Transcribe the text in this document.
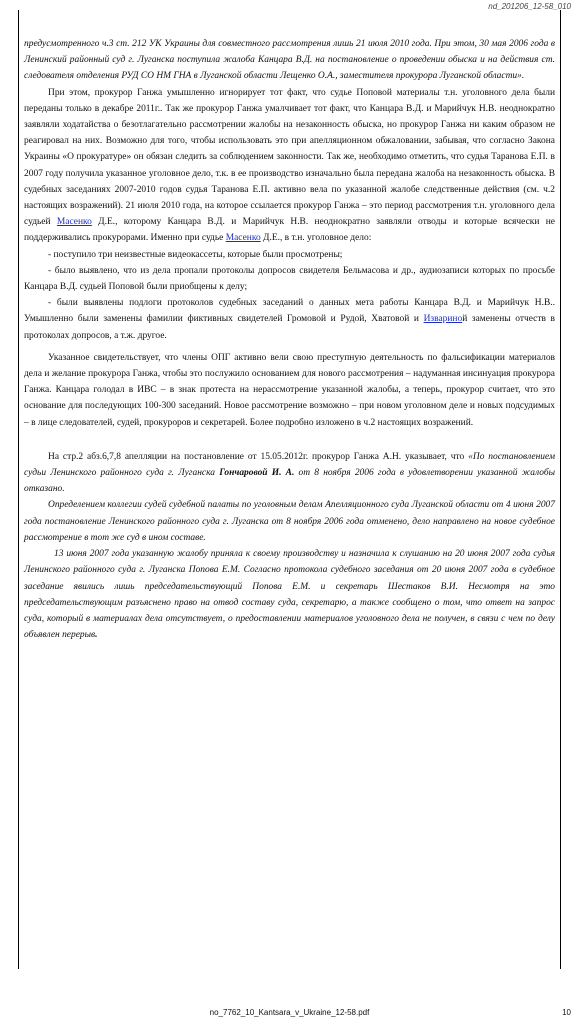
nd_201206_12-58_010

предусмотренного ч.3 ст. 212 УК Украины для совместного рассмотрения лишь 21 июля 2010 года. При этом, 30 мая 2006 года в Ленинский районный суд г. Луганска поступила жалоба Канцара В.Д. на постановление о проведении обыска и на действия ст. следователя отделения РУД СО НМ ГНА в Луганской области Лещенко О.А., заместителя прокурора Луганской области».

При этом, прокурор Ганжа умышленно игнорирует тот факт, что судье Поповой материалы т.н. уголовного дела были переданы только в декабре 2011г.. Так же прокурор Ганжа умалчивает тот факт, что Канцара В.Д. и Марийчук Н.В. неоднократно заявляли ходатайства о безотлагательно рассмотрении жалобы на незаконность обыска, но прокурор Ганжа ни каким образом не реагировал на них. Возможно для того, чтобы использовать это при апелляционном обжаловании, забывая, что согласно Закона Украины «О прокуратуре» он обязан следить за соблюдением законности. Так же, необходимо отметить, что судья Таранова Е.П. в 2007 году получила указанное уголовное дело, т.к. в ее производство изначально была передана жалоба на незаконность обыска. В судебных заседаниях 2007-2010 годов судья Таранова Е.П. активно вела по указанной жалобе следственные действия (см. ч.2 настоящих возражений). 21 июля 2010 года, на которое ссылается прокурор Ганжа – это период рассмотрения т.н. уголовного дела судьей Масенко Д.Е., которому Канцара В.Д. и Марийчук Н.В. неоднократно заявляли отводы и которые всячески не поддерживались прокурорами. Именно при судье Масенко Д.Е., в т.н. уголовное дело:

- поступило три неизвестные видеокассеты, которые были просмотрены;

- было выявлено, что из дела пропали протоколы допросов свидетеля Бельмасова и др., аудиозаписи которых по просьбе Канцара В.Д. судьей Поповой были приобщены к делу;

- были выявлены подлоги протоколов судебных заседаний о данных мета работы Канцара В.Д. и Марийчук Н.В.. Умышленно были заменены фамилии фиктивных свидетелей Громовой и Рудой, Хватовой и Извариной заменены отчеств в протоколах допросов, а т.ж. другое.

Указанное свидетельствует, что члены ОПГ активно вели свою преступную деятельность по фальсификации материалов дела и желание прокурора Ганжа, чтобы это послужило основанием для нового рассмотрения – надуманная инсинуация прокурора Ганжа. Канцара голодал в ИВС – в знак протеста на нерассмотрение указанной жалобы, а теперь, прокурор считает, что это основание для последующих 100-300 заседаний. Новое рассмотрение возможно – при новом уголовном деле и новых подсудимых – в лице следователей, судей, прокуроров и секретарей. Более подробно изложено в ч.2 настоящих возражений.

На стр.2 абз.6,7,8 апелляции на постановление от 15.05.2012г. прокурор Ганжа А.Н. указывает, что «По постановлением судьи Ленинского районного суда г. Луганска Гончаровой И. А. от 8 ноября 2006 года в удовлетворении указанной жалобы отказано.

Определением коллегии судей судебной палаты по уголовным делам Апелляционного суда Луганской области от 4 июня 2007 года постановление Ленинского районного суда г. Луганска от 8 ноября 2006 года отменено, дело направлено на новое судебное рассмотрение в тот же суд в ином составе.

13 июня 2007 года указанную жалобу приняла к своему производству и назначила к слушанию на 20 июня 2007 года судья Ленинского районного суда г. Луганска Попова Е.М. Согласно протокола судебного заседания от 20 июня 2007 года в судебное заседание явились лишь председательствующий Попова Е.М. и секретарь Шестаков В.И. Несмотря на это председательствующим разъяснено право на отвод составу суда, секретарю, а также сообщено о том, что ответ на запрос суда, который в материалах дела отсутствует, о предоставлении материалов уголовного дела не получен, в связи с чем по делу объявлен перерыв.

no_7762_10_Kantsara_v_Ukraine_12-58.pdf	10
